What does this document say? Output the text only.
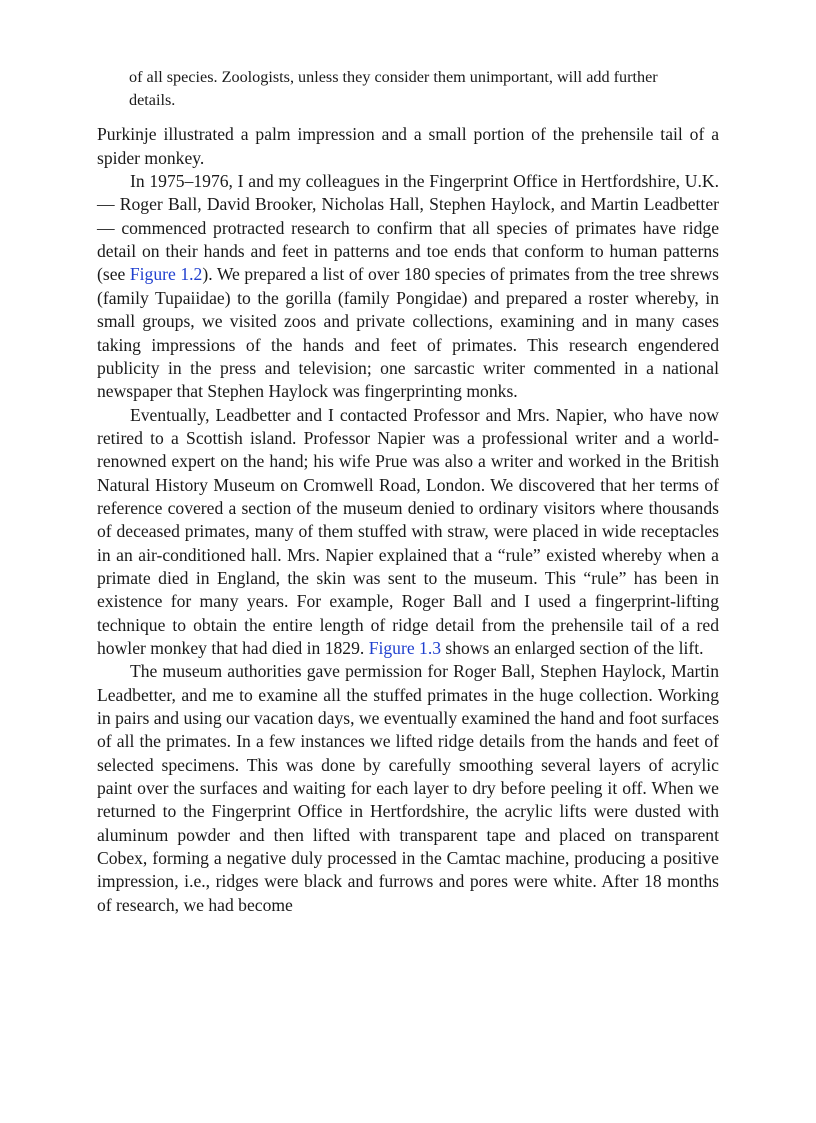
of all species. Zoologists, unless they consider them unimportant, will add further details.

Purkinje illustrated a palm impression and a small portion of the prehensile tail of a spider monkey.

In 1975–1976, I and my colleagues in the Fingerprint Office in Hertfordshire, U.K. — Roger Ball, David Brooker, Nicholas Hall, Stephen Haylock, and Martin Leadbetter — commenced protracted research to confirm that all species of primates have ridge detail on their hands and feet in patterns and toe ends that conform to human patterns (see Figure 1.2). We prepared a list of over 180 species of primates from the tree shrews (family Tupaiidae) to the gorilla (family Pongidae) and prepared a roster whereby, in small groups, we visited zoos and private collections, examining and in many cases taking impressions of the hands and feet of primates. This research engendered publicity in the press and television; one sarcastic writer commented in a national newspaper that Stephen Haylock was fingerprinting monks.

Eventually, Leadbetter and I contacted Professor and Mrs. Napier, who have now retired to a Scottish island. Professor Napier was a professional writer and a world-renowned expert on the hand; his wife Prue was also a writer and worked in the British Natural History Museum on Cromwell Road, London. We discovered that her terms of reference covered a section of the museum denied to ordinary visitors where thousands of deceased primates, many of them stuffed with straw, were placed in wide receptacles in an air-conditioned hall. Mrs. Napier explained that a “rule” existed whereby when a primate died in England, the skin was sent to the museum. This “rule” has been in existence for many years. For example, Roger Ball and I used a fingerprint-lifting technique to obtain the entire length of ridge detail from the prehensile tail of a red howler monkey that had died in 1829. Figure 1.3 shows an enlarged section of the lift.

The museum authorities gave permission for Roger Ball, Stephen Haylock, Martin Leadbetter, and me to examine all the stuffed primates in the huge collection. Working in pairs and using our vacation days, we eventually examined the hand and foot surfaces of all the primates. In a few instances we lifted ridge details from the hands and feet of selected specimens. This was done by carefully smoothing several layers of acrylic paint over the surfaces and waiting for each layer to dry before peeling it off. When we returned to the Fingerprint Office in Hertfordshire, the acrylic lifts were dusted with aluminum powder and then lifted with transparent tape and placed on transparent Cobex, forming a negative duly processed in the Camtac machine, producing a positive impression, i.e., ridges were black and furrows and pores were white. After 18 months of research, we had become
